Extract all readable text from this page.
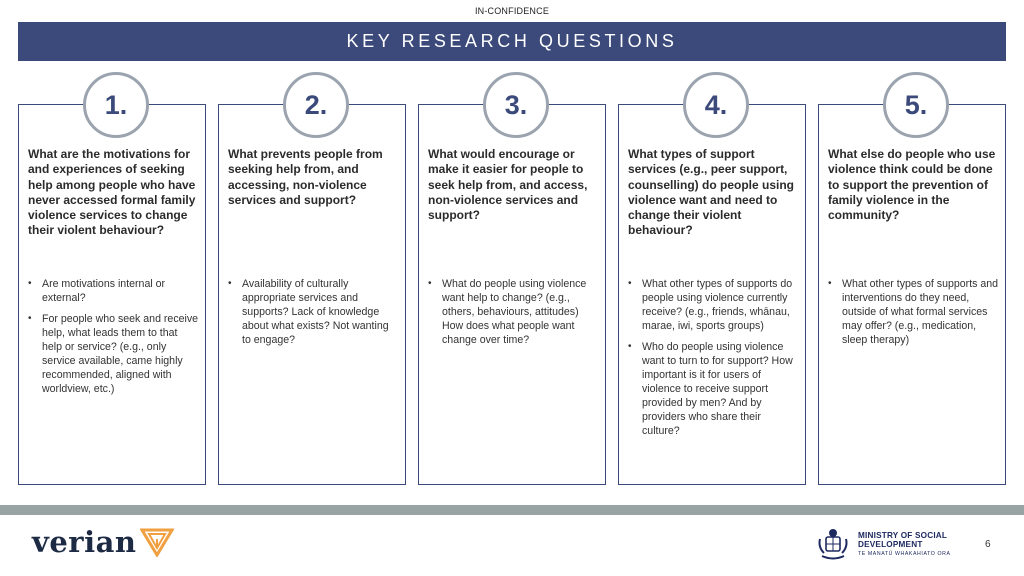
IN-CONFIDENCE
KEY RESEARCH QUESTIONS
1.
What are the motivations for and experiences of seeking help among people who have never accessed formal family violence services to change their violent behaviour?
• Are motivations internal or external?
• For people who seek and receive help, what leads them to that help or service? (e.g., only service available, came highly recommended, aligned with worldview, etc.)
2.
What prevents people from seeking help from, and accessing, non-violence services and support?
• Availability of culturally appropriate services and supports? Lack of knowledge about what exists? Not wanting to engage?
3.
What would encourage or make it easier for people to seek help from, and access, non-violence services and support?
• What do people using violence want help to change? (e.g., others, behaviours, attitudes) How does what people want change over time?
4.
What types of support services (e.g., peer support, counselling) do people using violence want and need to change their violent behaviour?
• What other types of supports do people using violence currently receive? (e.g., friends, whānau, marae, iwi, sports groups)
• Who do people using violence want to turn to for support? How important is it for users of violence to receive support provided by men? And by providers who share their culture?
5.
What else do people who use violence think could be done to support the prevention of family violence in the community?
• What other types of supports and interventions do they need, outside of what formal services may offer? (e.g., medication, sleep therapy)
verian	MINISTRY OF SOCIAL
DEVELOPMENT
TE MANATŪ WHAKAHIATO ORA
6
